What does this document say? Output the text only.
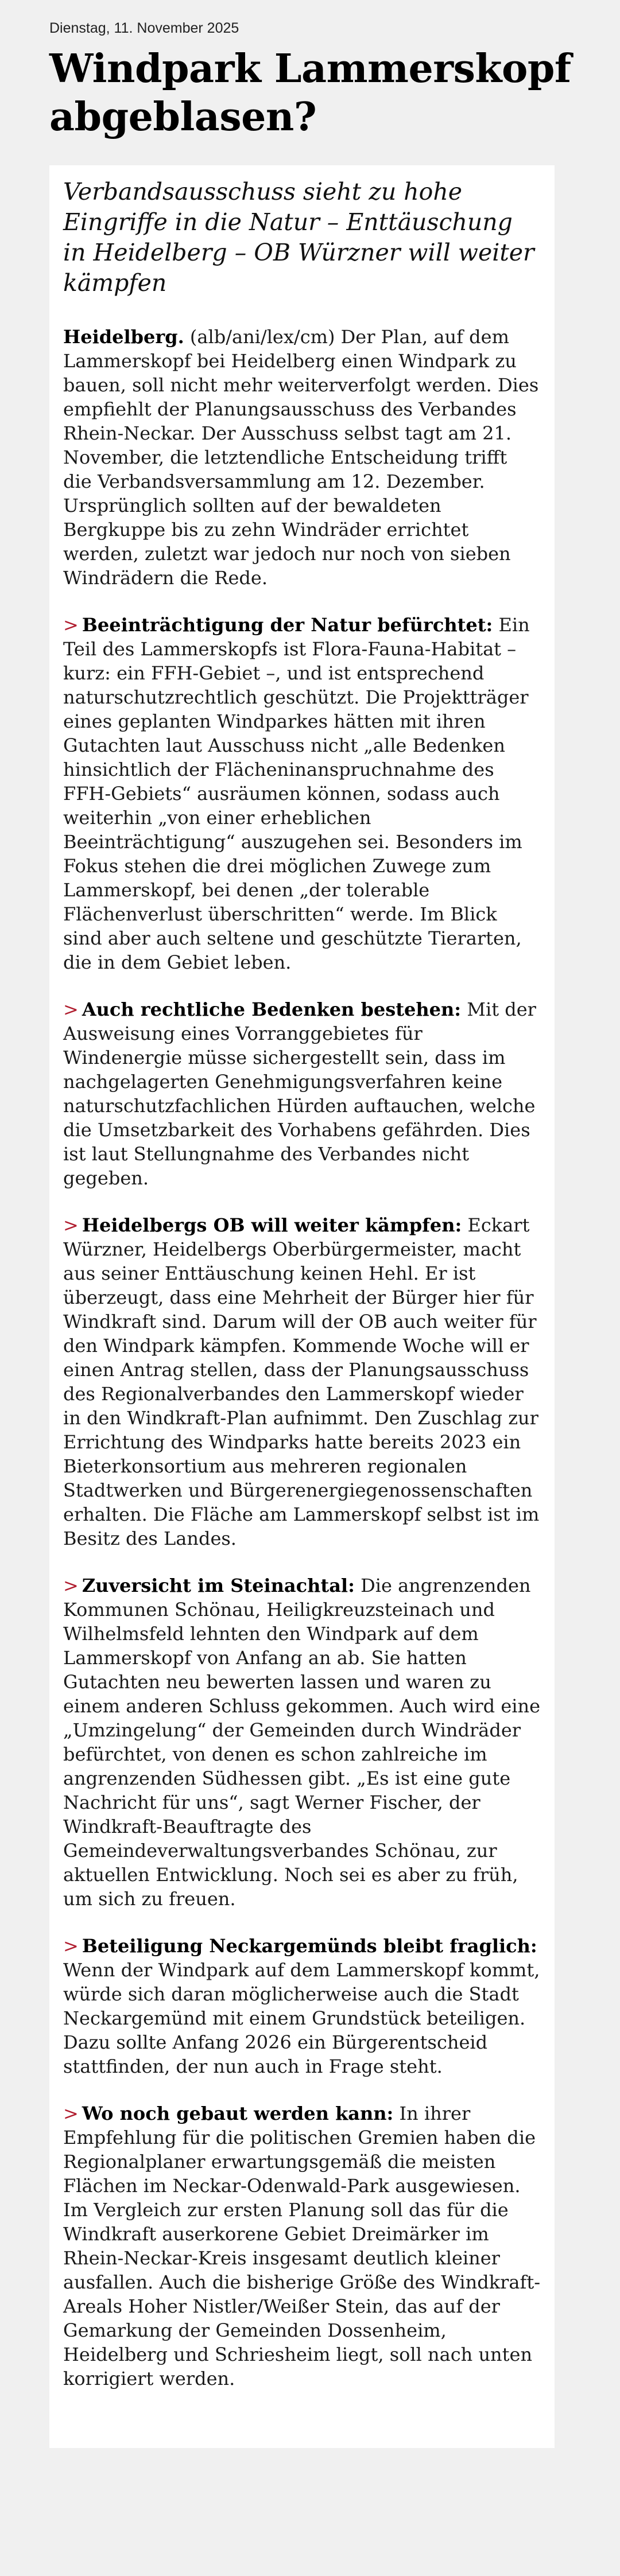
Dienstag, 11. November 2025
Windpark Lammerskopf abgeblasen?

Verbandsausschuss sieht zu hohe Eingriffe in die Natur – Enttäuschung in Heidelberg – OB Würzner will weiter kämpfen

Heidelberg. (alb/ani/lex/cm) Der Plan, auf dem Lammerskopf bei Heidelberg einen Windpark zu bauen, soll nicht mehr weiterverfolgt werden. Dies empfiehlt der Planungsausschuss des Verbandes Rhein-Neckar. Der Ausschuss selbst tagt am 21. November, die letztendliche Entscheidung trifft die Verbandsversammlung am 12. Dezember. Ursprünglich sollten auf der bewaldeten Bergkuppe bis zu zehn Windräder errichtet werden, zuletzt war jedoch nur noch von sieben Windrädern die Rede.

> Beeinträchtigung der Natur befürchtet: Ein Teil des Lammerskopfs ist Flora-Fauna-Habitat – kurz: ein FFH-Gebiet –, und ist entsprechend naturschutzrechtlich geschützt. Die Projektträger eines geplanten Windparkes hätten mit ihren Gutachten laut Ausschuss nicht „alle Bedenken hinsichtlich der Flächeninanspruchnahme des FFH-Gebiets“ ausräumen können, sodass auch weiterhin „von einer erheblichen Beeinträchtigung“ auszugehen sei. Besonders im Fokus stehen die drei möglichen Zuwege zum Lammerskopf, bei denen „der tolerable Flächenverlust überschritten“ werde. Im Blick sind aber auch seltene und geschützte Tierarten, die in dem Gebiet leben.

> Auch rechtliche Bedenken bestehen: Mit der Ausweisung eines Vorranggebietes für Windenergie müsse sichergestellt sein, dass im nachgelagerten Genehmigungsverfahren keine naturschutzfachlichen Hürden auftauchen, welche die Umsetzbarkeit des Vorhabens gefährden. Dies ist laut Stellungnahme des Verbandes nicht gegeben.

> Heidelbergs OB will weiter kämpfen: Eckart Würzner, Heidelbergs Oberbürgermeister, macht aus seiner Enttäuschung keinen Hehl. Er ist überzeugt, dass eine Mehrheit der Bürger hier für Windkraft sind. Darum will der OB auch weiter für den Windpark kämpfen. Kommende Woche will er einen Antrag stellen, dass der Planungsausschuss des Regionalverbandes den Lammerskopf wieder in den Windkraft-Plan aufnimmt. Den Zuschlag zur Errichtung des Windparks hatte bereits 2023 ein Bieterkonsortium aus mehreren regionalen Stadtwerken und Bürgerenergiegenossenschaften erhalten. Die Fläche am Lammerskopf selbst ist im Besitz des Landes.

> Zuversicht im Steinachtal: Die angrenzenden Kommunen Schönau, Heiligkreuzsteinach und Wilhelmsfeld lehnten den Windpark auf dem Lammerskopf von Anfang an ab. Sie hatten Gutachten neu bewerten lassen und waren zu einem anderen Schluss gekommen. Auch wird eine „Umzingelung“ der Gemeinden durch Windräder befürchtet, von denen es schon zahlreiche im angrenzenden Südhessen gibt. „Es ist eine gute Nachricht für uns“, sagt Werner Fischer, der Windkraft-Beauftragte des Gemeindeverwaltungsverbandes Schönau, zur aktuellen Entwicklung. Noch sei es aber zu früh, um sich zu freuen.

> Beteiligung Neckargemünds bleibt fraglich: Wenn der Windpark auf dem Lammerskopf kommt, würde sich daran möglicherweise auch die Stadt Neckargemünd mit einem Grundstück beteiligen. Dazu sollte Anfang 2026 ein Bürgerentscheid stattfinden, der nun auch in Frage steht.

> Wo noch gebaut werden kann: In ihrer Empfehlung für die politischen Gremien haben die Regionalplaner erwartungsgemäß die meisten Flächen im Neckar-Odenwald-Park ausgewiesen. Im Vergleich zur ersten Planung soll das für die Windkraft auserkorene Gebiet Dreimärker im Rhein-Neckar-Kreis insgesamt deutlich kleiner ausfallen. Auch die bisherige Größe des Windkraft-Areals Hoher Nistler/Weißer Stein, das auf der Gemarkung der Gemeinden Dossenheim, Heidelberg und Schriesheim liegt, soll nach unten korrigiert werden.
